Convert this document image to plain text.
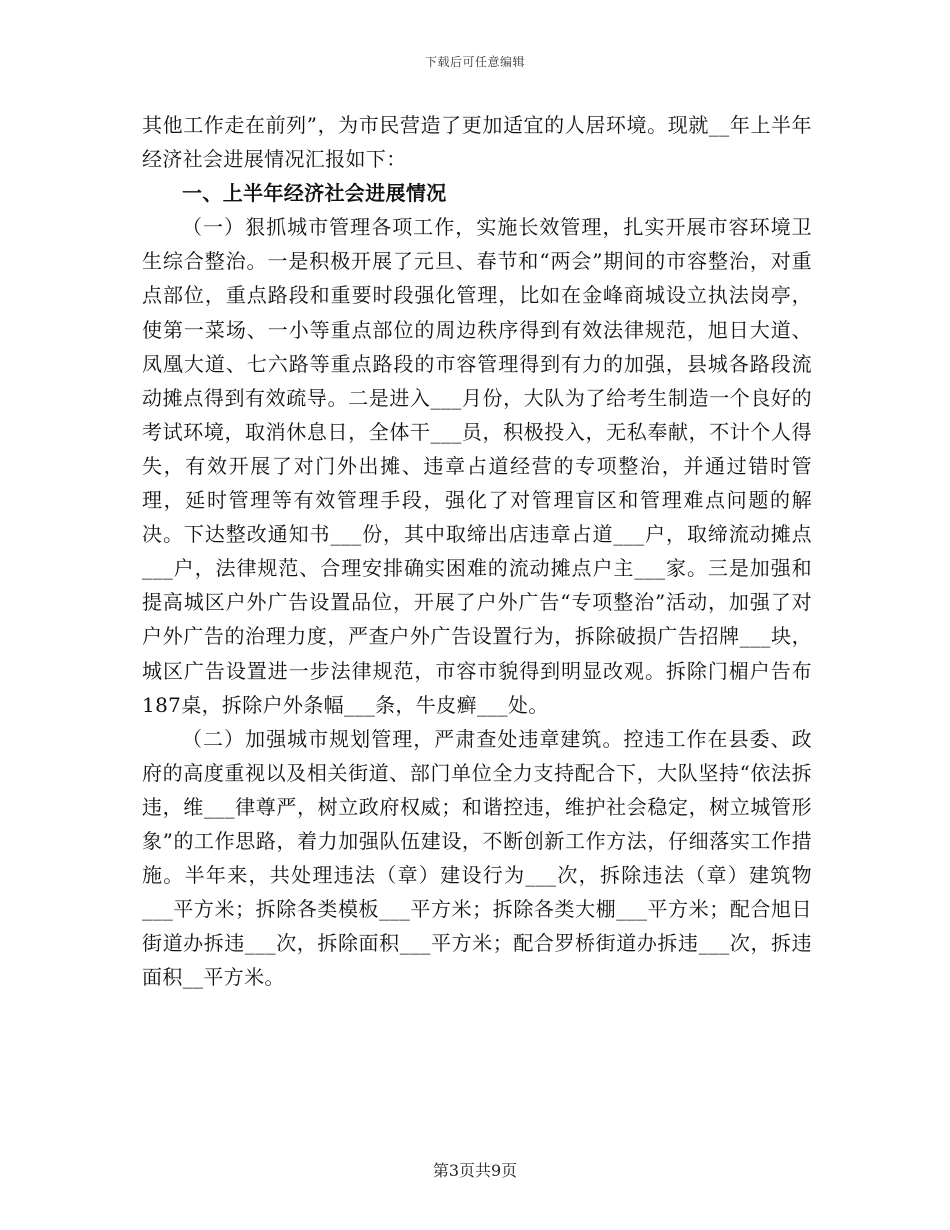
下载后可任意编辑

其他工作走在前列”，为市民营造了更加适宜的人居环境。现就__年上半年经济社会进展情况汇报如下：

一、上半年经济社会进展情况

（一）狠抓城市管理各项工作，实施长效管理，扎实开展市容环境卫生综合整治。一是积极开展了元旦、春节和“两会”期间的市容整治，对重点部位，重点路段和重要时段强化管理，比如在金峰商城设立执法岗亭，使第一菜场、一小等重点部位的周边秩序得到有效法律规范，旭日大道、凤凰大道、七六路等重点路段的市容管理得到有力的加强，县城各路段流动摊点得到有效疏导。二是进入___月份，大队为了给考生制造一个良好的考试环境，取消休息日，全体干___员，积极投入，无私奉献，不计个人得失，有效开展了对门外出摊、违章占道经营的专项整治，并通过错时管理，延时管理等有效管理手段，强化了对管理盲区和管理难点问题的解决。下达整改通知书___份，其中取缔出店违章占道___户，取缔流动摊点___户，法律规范、合理安排确实困难的流动摊点户主___家。三是加强和提高城区户外广告设置品位，开展了户外广告“专项整治”活动，加强了对户外广告的治理力度，严查户外广告设置行为，拆除破损广告招牌___块，城区广告设置进一步法律规范，市容市貌得到明显改观。拆除门楣户告布187桌，拆除户外条幅___条，牛皮癣___处。

（二）加强城市规划管理，严肃查处违章建筑。控违工作在县委、政府的高度重视以及相关街道、部门单位全力支持配合下，大队坚持“依法拆违，维___律尊严，树立政府权威；和谐控违，维护社会稳定，树立城管形象”的工作思路，着力加强队伍建设，不断创新工作方法，仔细落实工作措施。半年来，共处理违法（章）建设行为___次，拆除违法（章）建筑物___平方米；拆除各类模板___平方米；拆除各类大棚___平方米；配合旭日街道办拆违___次，拆除面积___平方米；配合罗桥街道办拆违___次，拆违面积__平方米。

第3页共9页
